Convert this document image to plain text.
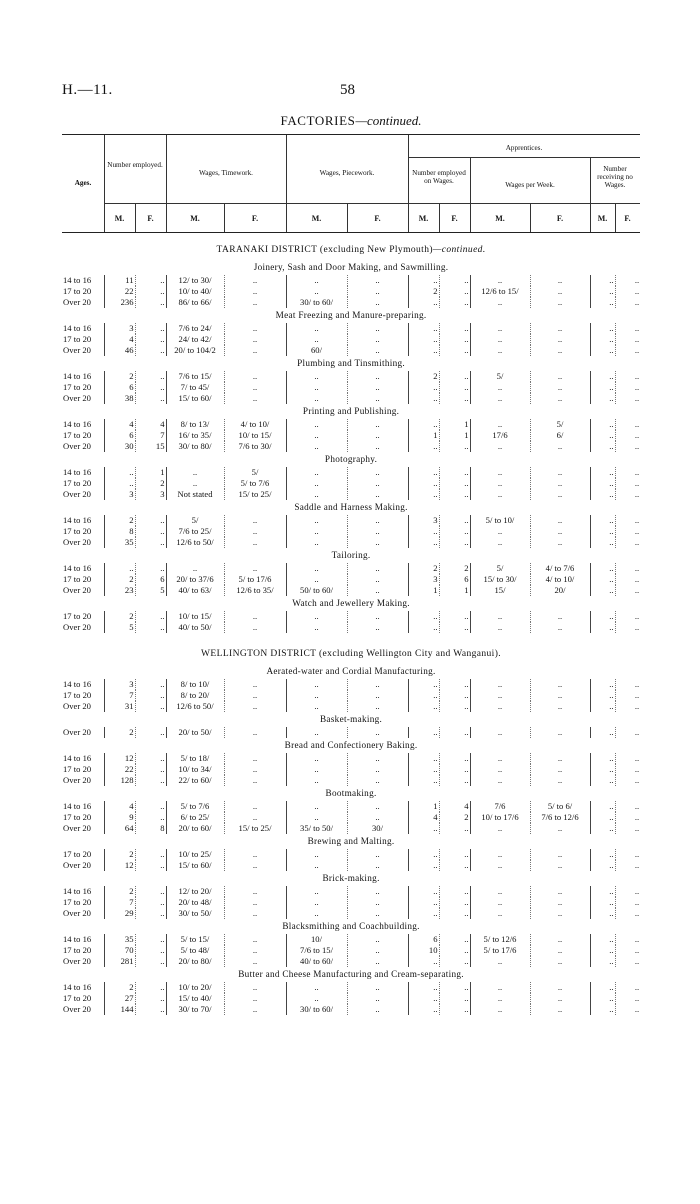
H.—11.	58
FACTORIES—continued.
Ages.
Number employed.
Wages, Timework.	Wages, Piecework.
Apprentices.
Number employed on Wages.	Wages per Week.
Number receiving no Wages.
M.	F.	M.	F.	M.	F.	M.	F.	M.	F.	M.	F.
TARANAKI DISTRICT (excluding New Plymouth)—continued.												
Joinery, Sash and Door Making, and Sawmilling.												
14 to 16	11	..	12/ to 30/	..	..	..	..	..	..	..	..	..
17 to 20	22	..	10/ to 40/	..	..	..	2	..	12/6 to 15/	..	..	..
Over 20	236	..	86/ to 66/	..	30/ to 60/	..	..	..	..	..	..	..
Meat Freezing and Manure-preparing.												
14 to 16	3	..	7/6 to 24/	..	..	..	..	..	..	..	..	..
17 to 20	4	..	24/ to 42/	..	..	..	..	..	..	..	..	..
Over 20	46	..	20/ to 104/2	..	60/	..	..	..	..	..	..	..
Plumbing and Tinsmithing.												
14 to 16	2	..	7/6 to 15/	..	..	..	2	..	5/	..	..	..
17 to 20	6	..	7/ to 45/	..	..	..	..	..	..	..	..	..
Over 20	38	..	15/ to 60/	..	..	..	..	..	..	..	..	..
Printing and Publishing.												
14 to 16	4	4	8/ to 13/	4/ to 10/	..	..	..	1	..	5/	..	..
17 to 20	6	7	16/ to 35/	10/ to 15/	..	..	1	1	17/6	6/	..	..
Over 20	30	15	30/ to 80/	7/6 to 30/	..	..	..	..	..	..	..	..
Photography.												
14 to 16	..	1	..	5/	..	..	..	..	..	..	..	..
17 to 20	..	2	..	5/ to 7/6	..	..	..	..	..	..	..	..
Over 20	3	3	Not stated	15/ to 25/	..	..	..	..	..	..	..	..
Saddle and Harness Making.												
14 to 16	2	..	5/	..	..	..	3	..	5/ to 10/	..	..	..
17 to 20	8	..	7/6 to 25/	..	..	..	..	..	..	..	..	..
Over 20	35	..	12/6 to 50/	..	..	..	..	..	..	..	..	..
Tailoring.												
14 to 16	..	..	..	..	..	..	2	2	5/	4/ to 7/6	..	..
17 to 20	2	6	20/ to 37/6	5/ to 17/6	..	..	3	6	15/ to 30/	4/ to 10/	..	..
Over 20	23	5	40/ to 63/	12/6 to 35/	50/ to 60/	..	1	1	15/	20/	..	..
Watch and Jewellery Making.												
17 to 20	2	..	10/ to 15/	..	..	..	..	..	..	..	..	..
Over 20	5	..	40/ to 50/	..	..	..	..	..	..	..	..	..

WELLINGTON DISTRICT (excluding Wellington City and Wanganui).												
Aerated-water and Cordial Manufacturing.												
14 to 16	3	..	8/ to 10/	..	..	..	..	..	..	..	..	..
17 to 20	7	..	8/ to 20/	..	..	..	..	..	..	..	..	..
Over 20	31	..	12/6 to 50/	..	..	..	..	..	..	..	..	..
Basket-making.												
Over 20	2	..	20/ to 50/	..	..	..	..	..	..	..	..	..
Bread and Confectionery Baking.												
14 to 16	12	..	5/ to 18/	..	..	..	..	..	..	..	..	..
17 to 20	22	..	10/ to 34/	..	..	..	..	..	..	..	..	..
Over 20	128	..	22/ to 60/	..	..	..	..	..	..	..	..	..
Bootmaking.												
14 to 16	4	..	5/ to 7/6	..	..	..	1	4	7/6	5/ to 6/	..	..
17 to 20	9	..	6/ to 25/	..	..	..	4	2	10/ to 17/6	7/6 to 12/6	..	..
Over 20	64	8	20/ to 60/	15/ to 25/	35/ to 50/	30/	..	..	..	..	..	..
Brewing and Malting.												
17 to 20	2	..	10/ to 25/	..	..	..	..	..	..	..	..	..
Over 20	12	..	15/ to 60/	..	..	..	..	..	..	..	..	..
Brick-making.												
14 to 16	2	..	12/ to 20/	..	..	..	..	..	..	..	..	..
17 to 20	7	..	20/ to 48/	..	..	..	..	..	..	..	..	..
Over 20	29	..	30/ to 50/	..	..	..	..	..	..	..	..	..
Blacksmithing and Coachbuilding.												
14 to 16	35	..	5/ to 15/	..	10/	..	6	..	5/ to 12/6	..	..	..
17 to 20	70	..	5/ to 48/	..	7/6 to 15/	..	10	..	5/ to 17/6	..	..	..
Over 20	281	..	20/ to 80/	..	40/ to 60/	..	..	..	..	..	..	..
Butter and Cheese Manufacturing and Cream-separating.												
14 to 16	2	..	10/ to 20/	..	..	..	..	..	..	..	..	..
17 to 20	27	..	15/ to 40/	..	..	..	..	..	..	..	..	..
Over 20	144	..	30/ to 70/	..	30/ to 60/	..	..	..	..	..	..	..
